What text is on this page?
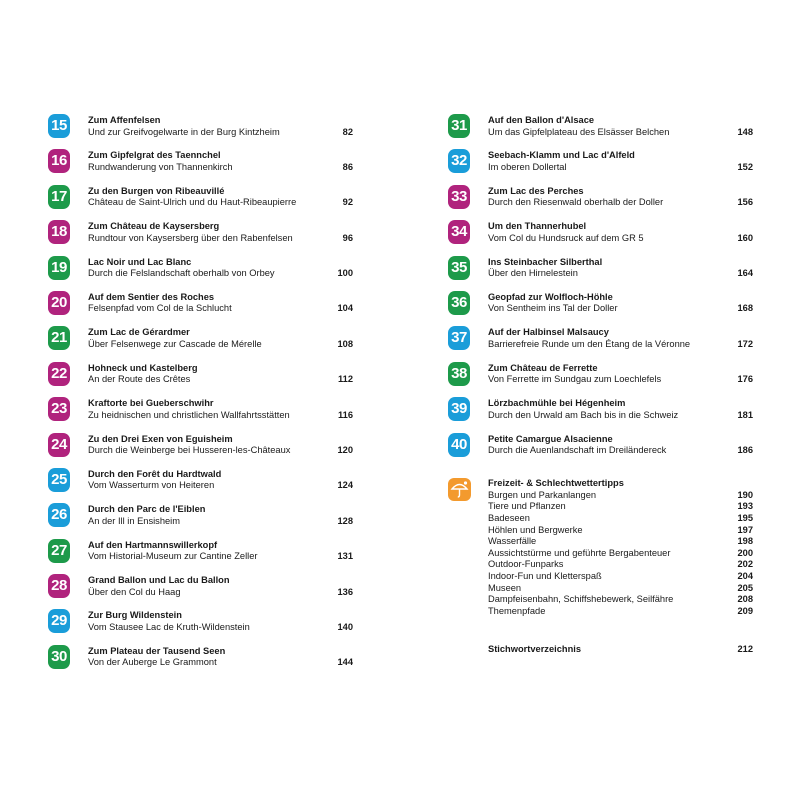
15	Zum Affenfelsen
Und zur Greifvogelwarte in der Burg Kintzheim	82
16	Zum Gipfelgrat des Taennchel
Rundwanderung von Thannenkirch	86
17	Zu den Burgen von Ribeauvillé
Château de Saint-Ulrich und du Haut-Ribeaupierre	92
18	Zum Château de Kaysersberg
Rundtour von Kaysersberg über den Rabenfelsen	96
19	Lac Noir und Lac Blanc
Durch die Felslandschaft oberhalb von Orbey	100
20	Auf dem Sentier des Roches
Felsenpfad vom Col de la Schlucht	104
21	Zum Lac de Gérardmer
Über Felsenwege zur Cascade de Mérelle	108
22	Hohneck und Kastelberg
An der Route des Crêtes	112
23	Kraftorte bei Gueberschwihr
Zu heidnischen und christlichen Wallfahrtsstätten	116
24	Zu den Drei Exen von Eguisheim
Durch die Weinberge bei Husseren-les-Châteaux	120
25	Durch den Forêt du Hardtwald
Vom Wasserturm von Heiteren	124
26	Durch den Parc de l'Eiblen
An der Ill in Ensisheim	128
27	Auf den Hartmannswillerkopf
Vom Historial-Museum zur Cantine Zeller	131
28	Grand Ballon und Lac du Ballon
Über den Col du Haag	136
29	Zur Burg Wildenstein
Vom Stausee Lac de Kruth-Wildenstein	140
30	Zum Plateau der Tausend Seen
Von der Auberge Le Grammont	144
31	Auf den Ballon d'Alsace
Um das Gipfelplateau des Elsässer Belchen	148
32	Seebach-Klamm und Lac d'Alfeld
Im oberen Dollertal	152
33	Zum Lac des Perches
Durch den Riesenwald oberhalb der Doller	156
34	Um den Thannerhubel
Vom Col du Hundsruck auf dem GR 5	160
35	Ins Steinbacher Silberthal
Über den Hirnelestein	164
36	Geopfad zur Wolfloch-Höhle
Von Sentheim ins Tal der Doller	168
37	Auf der Halbinsel Malsaucy
Barrierefreie Runde um den Étang de la Véronne	172
38	Zum Château de Ferrette
Von Ferrette im Sundgau zum Loechlefels	176
39	Lörzbachmühle bei Hégenheim
Durch den Urwald am Bach bis in die Schweiz	181
40	Petite Camargue Alsacienne
Durch die Auenlandschaft im Dreiländereck	186
Freizeit- & Schlechtwettertipps
Burgen und Parkanlangen	190
Tiere und Pflanzen	193
Badeseen	195
Höhlen und Bergwerke	197
Wasserfälle	198
Aussichtstürme und geführte Bergabenteuer	200
Outdoor-Funparks	202
Indoor-Fun und Kletterspaß	204
Museen	205
Dampfeisenbahn, Schiffshebewerk, Seilfähre	208
Themenpfade	209
Stichwortverzeichnis	212
